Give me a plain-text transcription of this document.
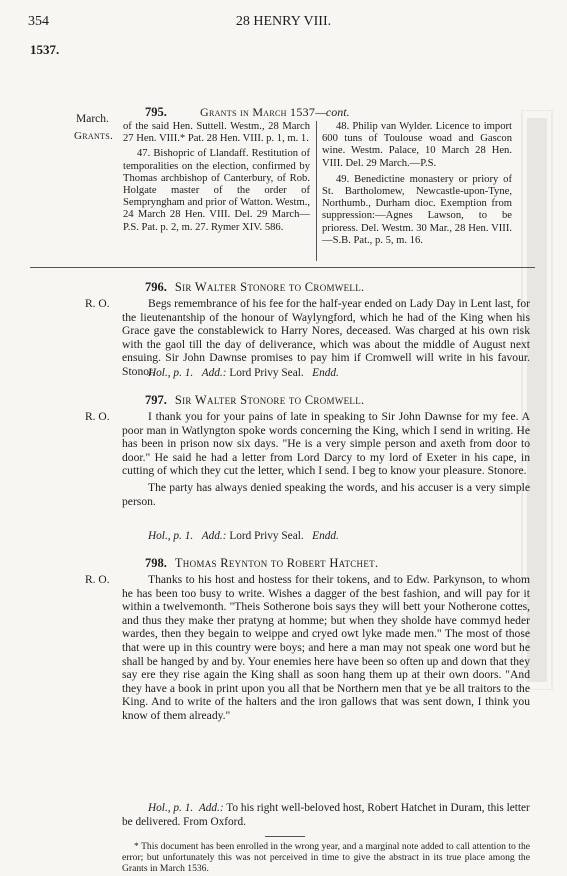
354	28 HENRY VIII.
1537.
March.
Grants.
795.	Grants in March 1537—cont.

of the said Hen. Suttell. Westm., 28 March 27 Hen. VIII.* Pat. 28 Hen. VIII. p. 1, m. 1.

47. Bishopric of Llandaff. Restitution of temporalities on the election, confirmed by Thomas archbishop of Canterbury, of Rob. Holgate master of the order of Sempryngham and prior of Watton. Westm., 24 March 28 Hen. VIII. Del. 29 March—P.S. Pat. p. 2, m. 27. Rymer XIV. 586.

48. Philip van Wylder. Licence to import 600 tuns of Toulouse woad and Gascon wine. Westm. Palace, 10 March 28 Hen. VIII. Del. 29 March.—P.S.

49. Benedictine monastery or priory of St. Bartholomew, Newcastle-upon-Tyne, Northumb., Durham dioc. Exemption from suppression:—Agnes Lawson, to be prioress. Del. Westm. 30 Mar., 28 Hen. VIII.—S.B. Pat., p. 5, m. 16.

796. Sir Walter Stonore to Cromwell.
R. O.	Begs remembrance of his fee for the half-year ended on Lady Day in Lent last, for the lieutenantship of the honour of Waylyngford, which he had of the King when his Grace gave the constablewick to Harry Nores, deceased. Was charged at his own risk with the gaol till the day of deliverance, which was about the middle of August next ensuing. Sir John Dawnse promises to pay him if Cromwell will write in his favour. Stonor.

Hol., p. 1. Add.: Lord Privy Seal. Endd.
797. Sir Walter Stonore to Cromwell.
R. O.	I thank you for your pains of late in speaking to Sir John Dawnse for my fee. A poor man in Watlyngton spoke words concerning the King, which I send in writing. He has been in prison now six days. "He is a very simple person and axeth from door to door." He said he had a letter from Lord Darcy to my lord of Exeter in his cape, in cutting of which they cut the letter, which I send. I beg to know your pleasure. Stonore.

The party has always denied speaking the words, and his accuser is a very simple person.

Hol., p. 1. Add.: Lord Privy Seal. Endd.
798. Thomas Reynton to Robert Hatchet.
R. O.	Thanks to his host and hostess for their tokens, and to Edw. Parkynson, to whom he has been too busy to write. Wishes a dagger of the best fashion, and will pay for it within a twelvemonth. "Theis Sotherone bois says they will bett your Notherone cottes, and thus they make ther pratyng at homme; but when they sholde have commyd heder wardes, then they begain to weippe and cryed owt lyke made men." The most of those that were up in this country were boys; and here a man may not speak one word but he shall be hanged by and by. Your enemies here have been so often up and down that they say ere they rise again the King shall as soon hang them up at their own doors. "And they have a book in print upon you all that be Northern men that ye be all traitors to the King. And to write of the halters and the iron gallows that was sent down, I think you know of them already."

Hol., p. 1. Add.: To his right well-beloved host, Robert Hatchet in Duram, this letter be delivered. From Oxford.
* This document has been enrolled in the wrong year, and a marginal note added to call attention to the error; but unfortunately this was not perceived in time to give the abstract in its true place among the Grants in March 1536.
